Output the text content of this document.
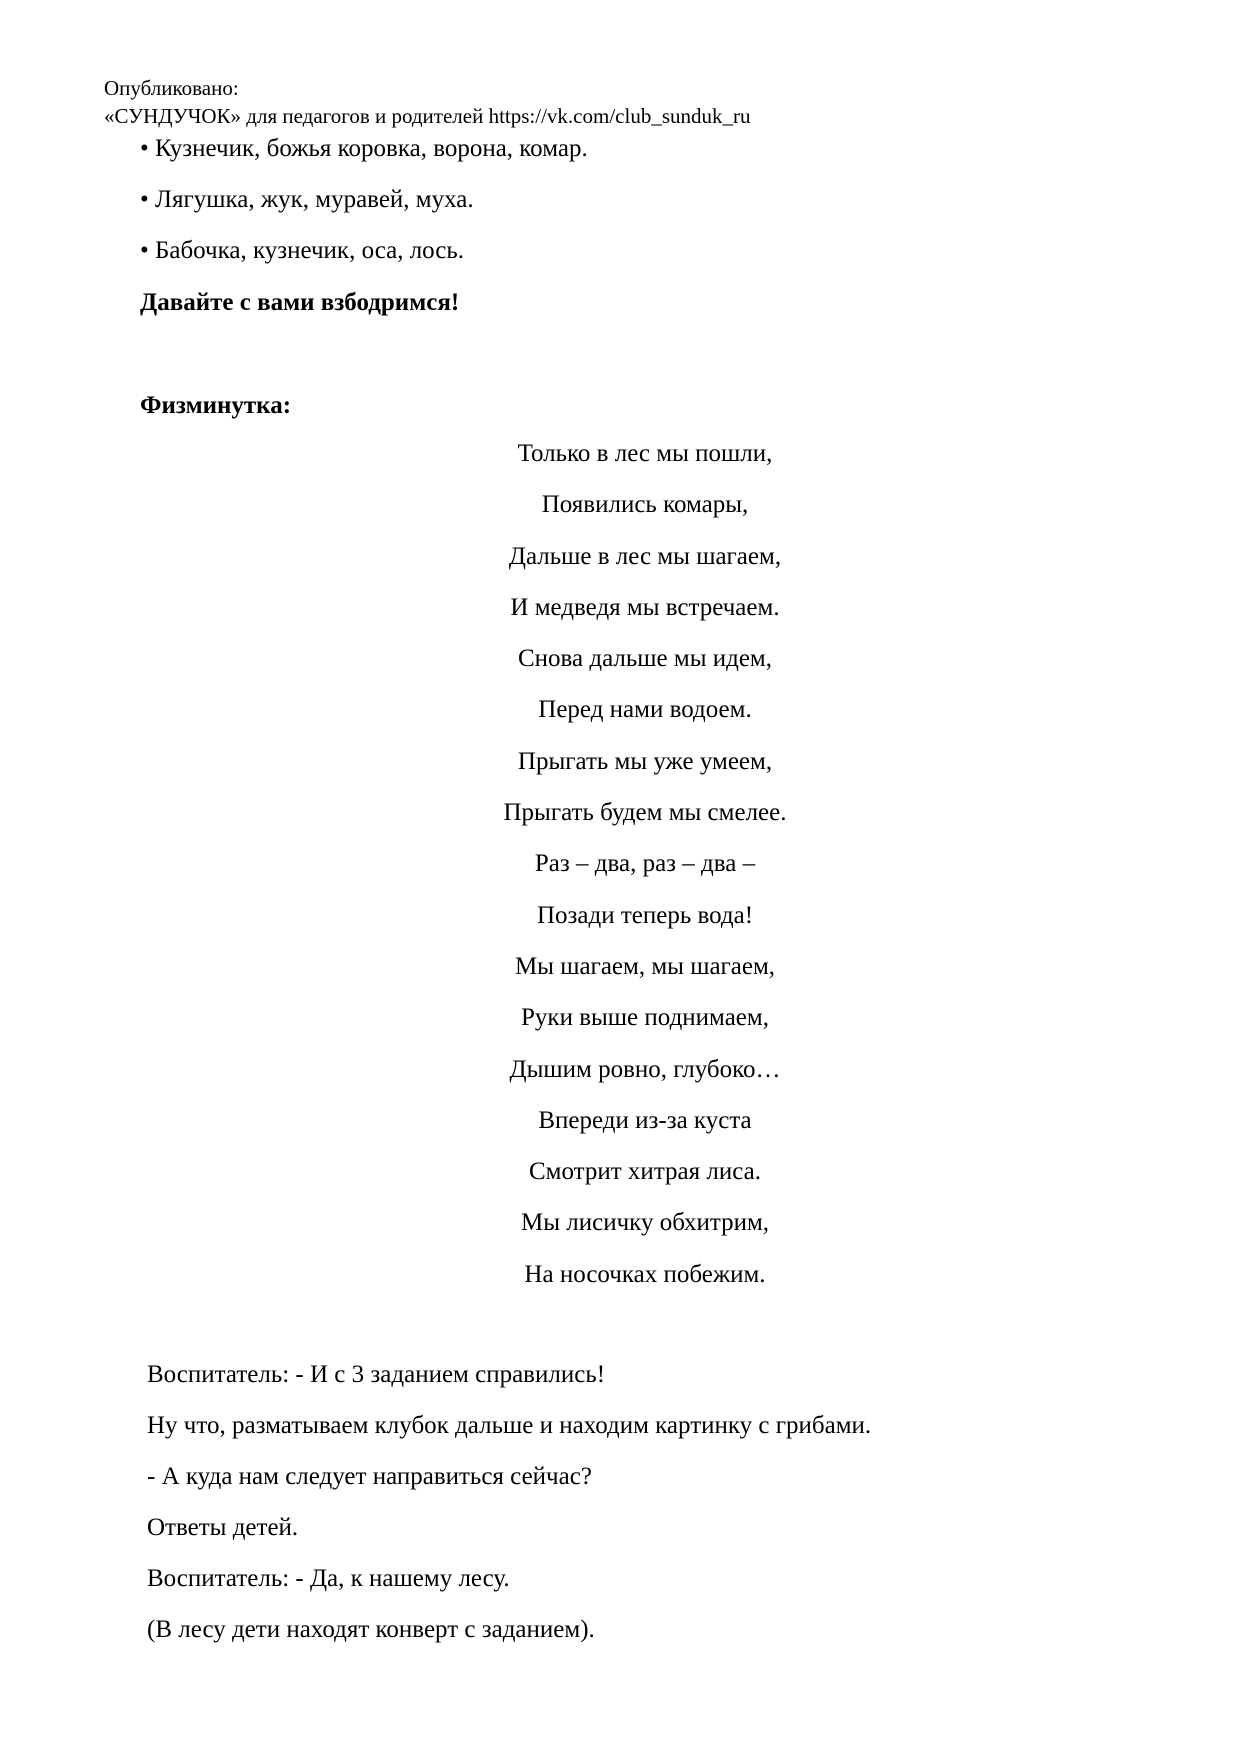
Опубликовано:
«СУНДУЧОК» для педагогов и родителей https://vk.com/club_sunduk_ru
• Кузнечик, божья коровка, ворона, комар.
• Лягушка, жук, муравей, муха.
• Бабочка, кузнечик, оса, лось.
Давайте с вами взбодримся!
Физминутка:
Только в лес мы пошли,
Появились комары,
Дальше в лес мы шагаем,
И медведя мы встречаем.
Снова дальше мы идем,
Перед нами водоем.
Прыгать мы уже умеем,
Прыгать будем мы смелее.
Раз – два, раз – два –
Позади теперь вода!
Мы шагаем, мы шагаем,
Руки выше поднимаем,
Дышим ровно, глубоко…
Впереди из-за куста
Смотрит хитрая лиса.
Мы лисичку обхитрим,
На носочках побежим.
Воспитатель: - И с 3 заданием справились!
Ну что, разматываем клубок дальше и находим картинку с грибами.
- А куда нам следует направиться сейчас?
Ответы детей.
Воспитатель: - Да, к нашему лесу.
(В лесу дети находят конверт с заданием).
